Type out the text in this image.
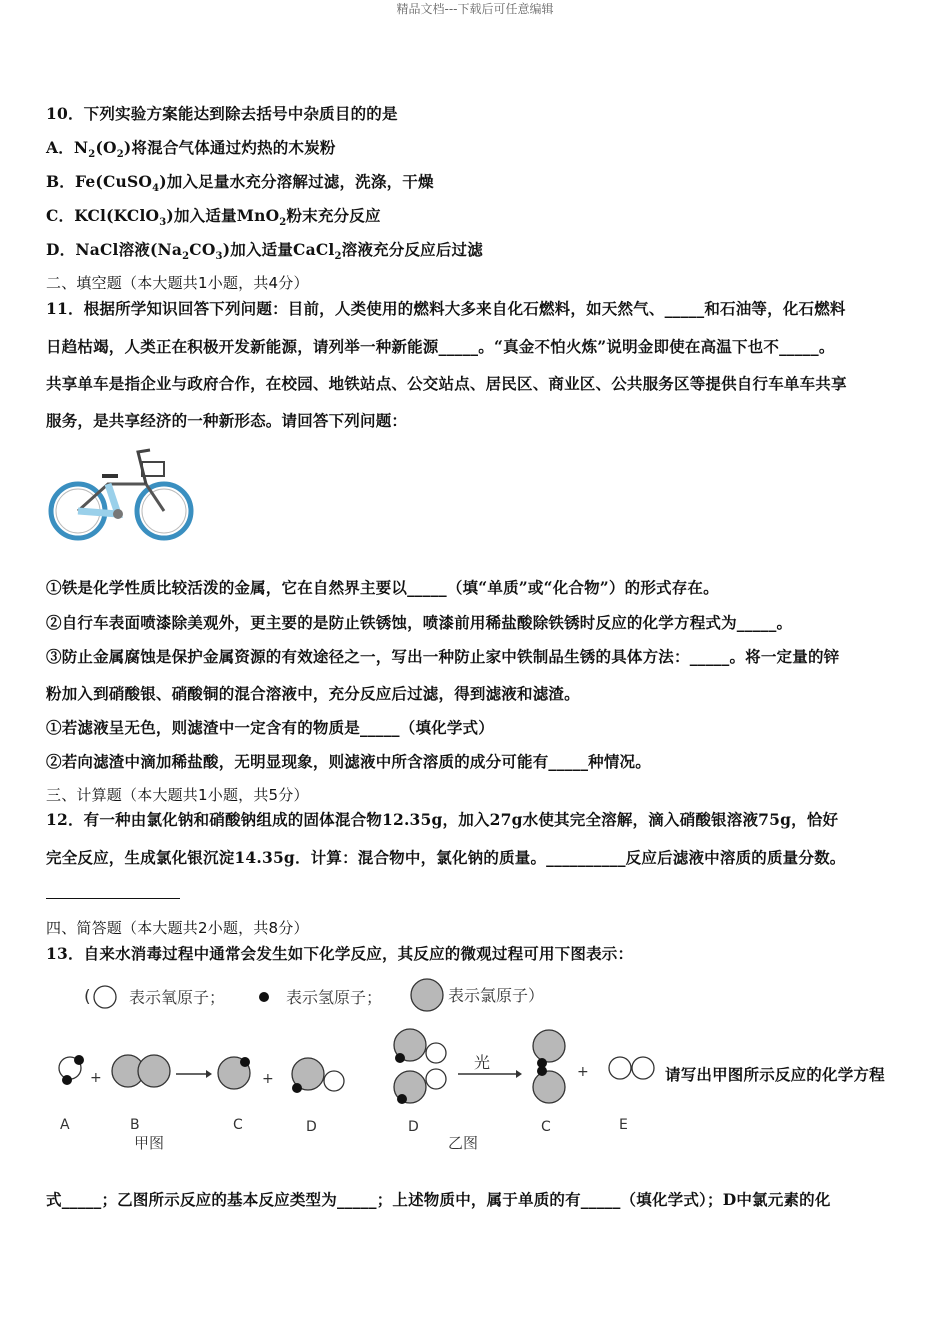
精品文档---下载后可任意编辑
10．下列实验方案能达到除去括号中杂质目的的是
A．$N_2(O_2)$将混合气体通过灼热的木炭粉
B．Fe(CuSO$_4$)加入足量水充分溶解过滤，洗涤，干燥
C．KCl(KClO$_3$)加入适量MnO$_2$粉末充分反应
D．NaCl溶液$(Na_2CO_3)$加入适量CaCl$_2$溶液充分反应后过滤
二、填空题（本大题共1小题，共4分）
11．根据所学知识回答下列问题：目前，人类使用的燃料大多来自化石燃料，如天然气、_____和石油等，化石燃料
日趋枯竭，人类正在积极开发新能源，请列举一种新能源_____。“真金不怕火炼”说明金即使在高温下也不_____。
共享单车是指企业与政府合作，在校园、地铁站点、公交站点、居民区、商业区、公共服务区等提供自行车单车共享
服务，是共享经济的一种新形态。请回答下列问题：
①铁是化学性质比较活泼的金属，它在自然界主要以_____（填“单质”或“化合物”）的形式存在。
②自行车表面喷漆除美观外，更主要的是防止铁锈蚀，喷漆前用稀盐酸除铁锈时反应的化学方程式为_____。
③防止金属腐蚀是保护金属资源的有效途径之一，写出一种防止家中铁制品生锈的具体方法：_____。将一定量的锌
粉加入到硝酸银、硝酸铜的混合溶液中，充分反应后过滤，得到滤液和滤渣。
①若滤液呈无色，则滤渣中一定含有的物质是_____（填化学式）
②若向滤渣中滴加稀盐酸，无明显现象，则滤液中所含溶质的成分可能有_____种情况。
三、计算题（本大题共1小题，共5分）
12．有一种由氯化钠和硝酸钠组成的固体混合物12.35g，加入27g水使其完全溶解，滴入硝酸银溶液75g，恰好
完全反应，生成氯化银沉淀14.35g．计算：混合物中，氯化钠的质量。__________反应后滤液中溶质的质量分数。
四、简答题（本大题共2小题，共8分）
13．自来水消毒过程中通常会发生如下化学反应，其反应的微观过程可用下图表示：
( 表示氧原子；	表示氢原子；	表示氯原子）
+	+
A	B	C	D
甲图
光	+
D	C	E
乙图
请写出甲图所示反应的化学方程
式_____；乙图所示反应的基本反应类型为_____；上述物质中，属于单质的有_____（填化学式）；D中氯元素的化
